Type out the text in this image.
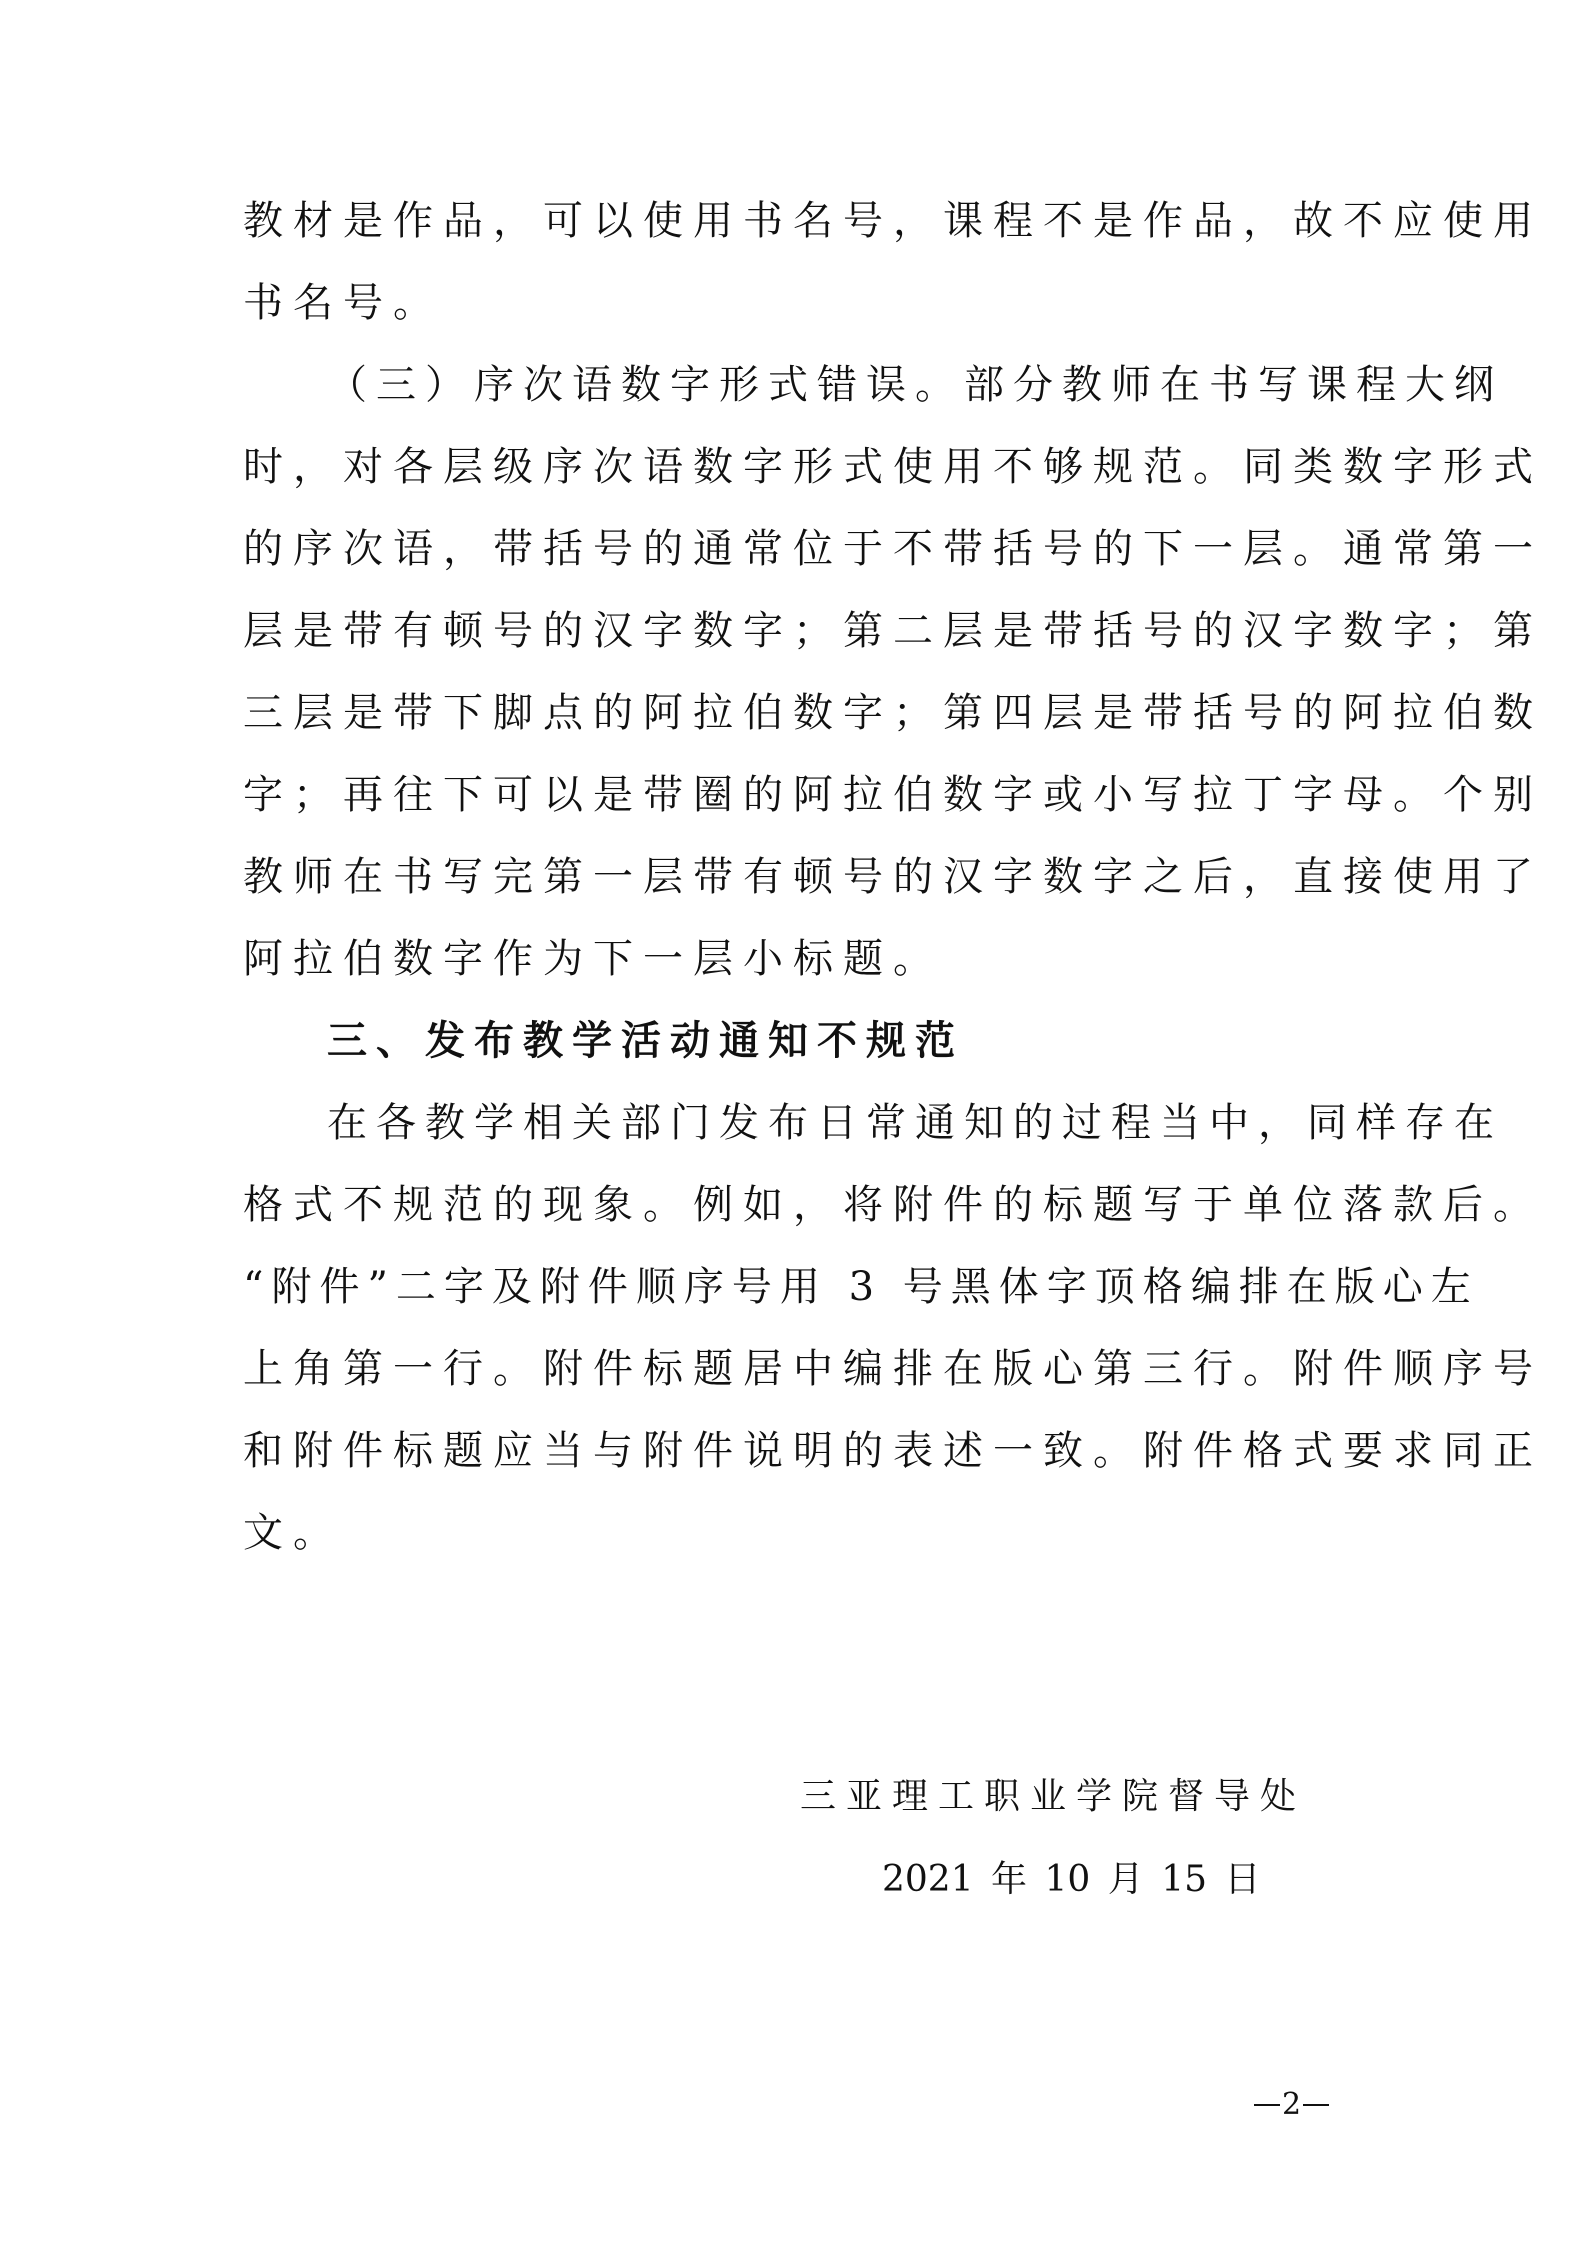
教材是作品，可以使用书名号，课程不是作品，故不应使用
书名号。
（三）序次语数字形式错误。部分教师在书写课程大纲
时，对各层级序次语数字形式使用不够规范。同类数字形式
的序次语，带括号的通常位于不带括号的下一层。通常第一
层是带有顿号的汉字数字；第二层是带括号的汉字数字；第
三层是带下脚点的阿拉伯数字；第四层是带括号的阿拉伯数
字；再往下可以是带圈的阿拉伯数字或小写拉丁字母。个别
教师在书写完第一层带有顿号的汉字数字之后，直接使用了
阿拉伯数字作为下一层小标题。
三、发布教学活动通知不规范
在各教学相关部门发布日常通知的过程当中，同样存在
格式不规范的现象。例如，将附件的标题写于单位落款后。
“附件”二字及附件顺序号用 3 号黑体字顶格编排在版心左
上角第一行。附件标题居中编排在版心第三行。附件顺序号
和附件标题应当与附件说明的表述一致。附件格式要求同正
文。
三亚理工职业学院督导处
2021 年 10 月 15 日
2
